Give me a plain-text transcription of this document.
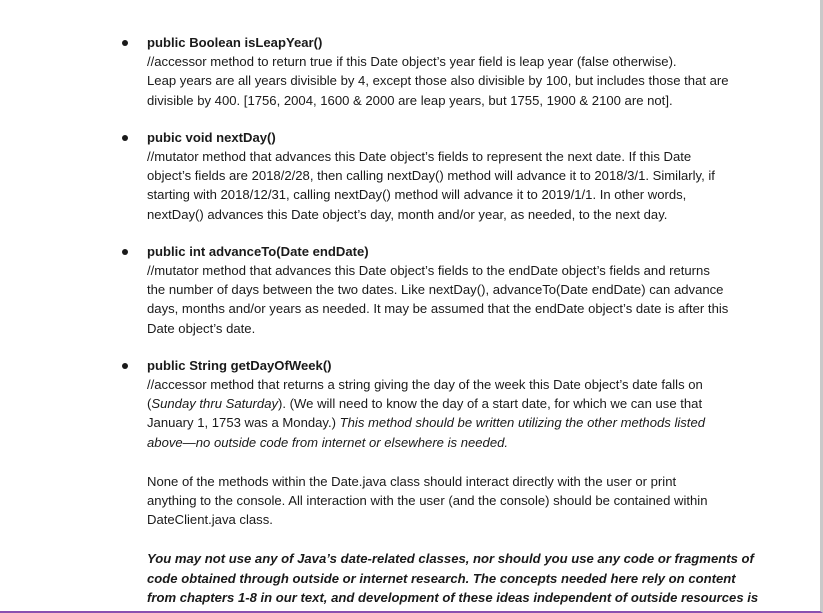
public Boolean isLeapYear()
//accessor method to return true if this Date object’s year field is leap year (false otherwise).
Leap years are all years divisible by 4, except those also divisible by 100, but includes those that are
divisible by 400. [1756, 2004, 1600 & 2000 are leap years, but 1755, 1900 & 2100 are not].
pubic void nextDay()
//mutator method that advances this Date object’s fields to represent the next date. If this Date
object’s fields are 2018/2/28, then calling nextDay() method will advance it to 2018/3/1. Similarly, if
starting with 2018/12/31, calling nextDay() method will advance it to 2019/1/1. In other words,
nextDay() advances this Date object’s day, month and/or year, as needed, to the next day.
public int advanceTo(Date endDate)
//mutator method that advances this Date object’s fields to the endDate object’s fields and returns
the number of days between the two dates. Like nextDay(), advanceTo(Date endDate) can advance
days, months and/or years as needed. It may be assumed that the endDate object’s date is after this
Date object’s date.
public String getDayOfWeek()
//accessor method that returns a string giving the day of the week this Date object’s date falls on
(Sunday thru Saturday). (We will need to know the day of a start date, for which we can use that
January 1, 1753 was a Monday.) This method should be written utilizing the other methods listed
above—no outside code from internet or elsewhere is needed.
None of the methods within the Date.java class should interact directly with the user or print
anything to the console. All interaction with the user (and the console) should be contained within
DateClient.java class.
You may not use any of Java’s date-related classes, nor should you use any code or fragments of
code obtained through outside or internet research. The concepts needed here rely on content
from chapters 1-8 in our text, and development of these ideas independent of outside resources is
